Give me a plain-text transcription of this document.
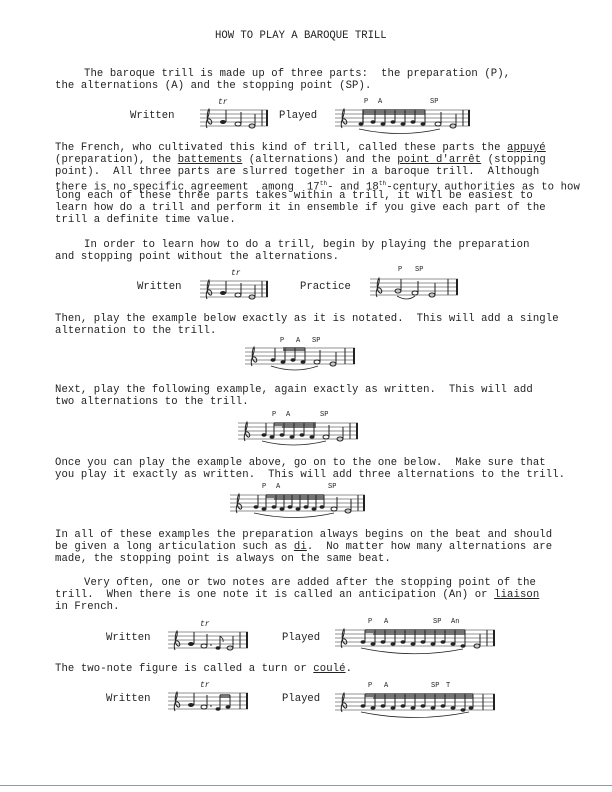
HOW TO PLAY A BAROQUE TRILL
The baroque trill is made up of three parts:  the preparation (P),
the alternations (A) and the stopping point (SP).
Written
tr
Played
P A	SP
The French, who cultivated this kind of trill, called these parts the appuyé
(preparation), the battements (alternations) and the point d'arrêt (stopping
point).  All three parts are slurred together in a baroque trill.  Although
there is no specific agreement  among  17th- and 18th-century authorities as to how
long each of these three parts takes within a trill, it will be easiest to
learn how do a trill and perform it in ensemble if you give each part of the
trill a definite time value.
In order to learn how to do a trill, begin by playing the preparation
and stopping point without the alternations.
Written
tr
Practice
P SP
Then, play the example below exactly as it is notated.  This will add a single
alternation to the trill.
P A SP
Next, play the following example, again exactly as written.  This will add
two alternations to the trill.
P A	SP
Once you can play the example above, go on to the one below.  Make sure that
you play it exactly as written.  This will add three alternations to the trill.
P A	SP
In all of these examples the preparation always begins on the beat and should
be given a long articulation such as di.  No matter how many alternations are
made, the stopping point is always on the same beat.
Very often, one or two notes are added after the stopping point of the
trill.  When there is one note it is called an anticipation (An) or liaison
in French.
Written
tr
Played
P A	SP An
The two-note figure is called a turn or coulé.
Written
tr
Played
P A	SP T
